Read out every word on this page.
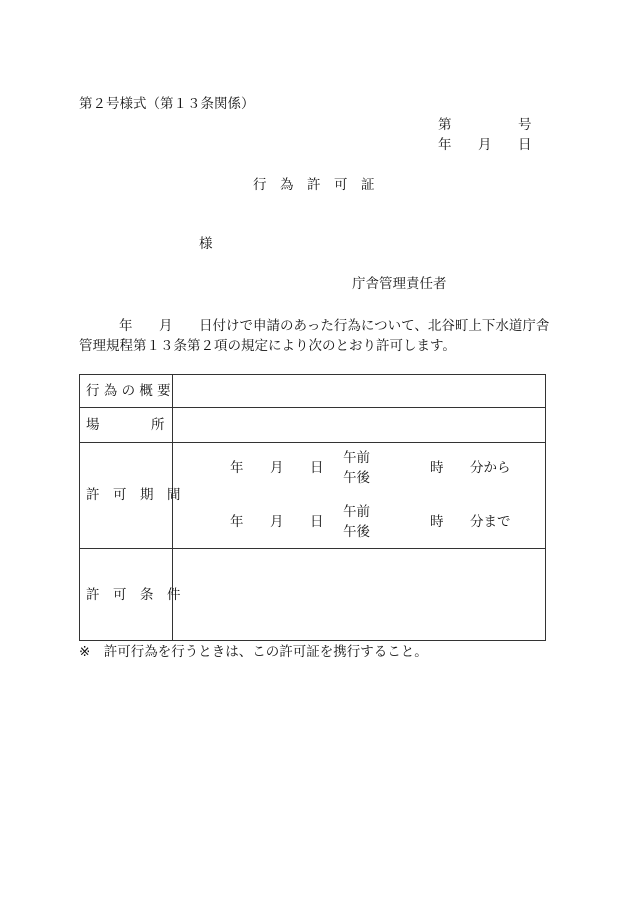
第２号様式（第１３条関係）
第	号
年 月 日
行　為　許　可　証
様
庁舎管理責任者
年 月 日付けで申請のあった行為について、北谷町上下水道庁舎
管理規程第１３条第２項の規定により次のとおり許可します。
行 為 の 概 要
場	所
許　可　期　間
年 月 日
午前
午後
時 分から
年 月 日
午前
午後
時 分まで
許　可　条　件
※　許可行為を行うときは、この許可証を携行すること。
